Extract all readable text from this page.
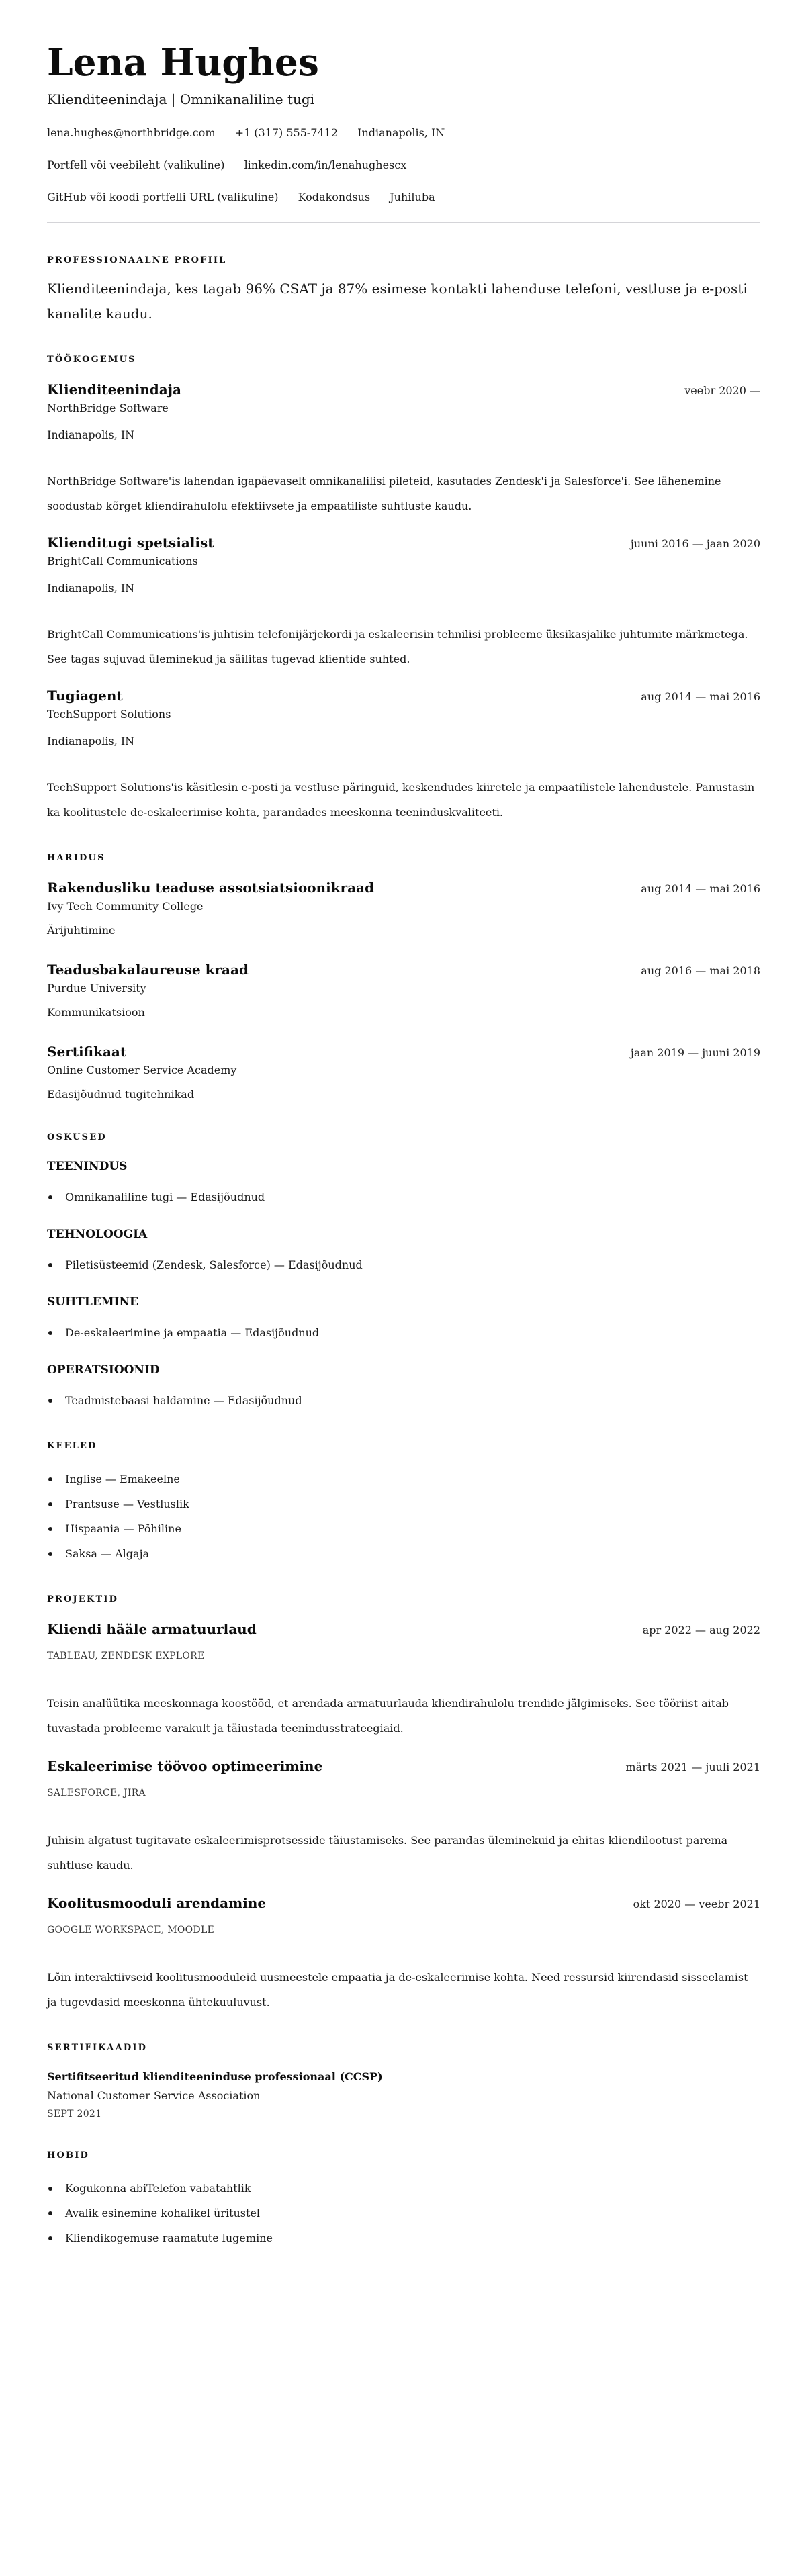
Lena Hughes
Klienditeenindaja | Omnikanaliline tugi
lena.hughes@northbridge.com +1 (317) 555-7412 Indianapolis, IN
Portfell või veebileht (valikuline) linkedin.com/in/lenahughescx
GitHub või koodi portfelli URL (valikuline) Kodakondsus Juhiluba
PROFESSIONAALNE PROFIIL

Klienditeenindaja, kes tagab 96% CSAT ja 87% esimese kontakti lahenduse telefoni, vestluse ja e-posti kanalite kaudu.

TÖÖKOGEMUS
Klienditeenindaja	veebr 2020 —
NorthBridge Software
Indianapolis, IN

NorthBridge Software'is lahendan igapäevaselt omnikanalilisi pileteid, kasutades Zendesk'i ja Salesforce'i. See lähenemine soodustab kõrget kliendirahulolu efektiivsete ja empaatiliste suhtluste kaudu.

Klienditugi spetsialist	juuni 2016 — jaan 2020
BrightCall Communications
Indianapolis, IN

BrightCall Communications'is juhtisin telefonijärjekordi ja eskaleerisin tehnilisi probleeme üksikasjalike juhtumite märkmetega. See tagas sujuvad üleminekud ja säilitas tugevad klientide suhted.

Tugiagent	aug 2014 — mai 2016
TechSupport Solutions
Indianapolis, IN

TechSupport Solutions'is käsitlesin e-posti ja vestluse päringuid, keskendudes kiiretele ja empaatilistele lahendustele. Panustasin ka koolitustele de-eskaleerimise kohta, parandades meeskonna teeninduskvaliteeti.

HARIDUS
Rakendusliku teaduse assotsiatsioonikraad	aug 2014 — mai 2016
Ivy Tech Community College
Ärijuhtimine
Teadusbakalaureuse kraad	aug 2016 — mai 2018
Purdue University
Kommunikatsioon
Sertifikaat	jaan 2019 — juuni 2019
Online Customer Service Academy
Edasijõudnud tugitehnikad
OSKUSED
TEENINDUS
Omnikanaliline tugi — Edasijõudnud
TEHNOLOOGIA
Piletisüsteemid (Zendesk, Salesforce) — Edasijõudnud
SUHTLEMINE
De-eskaleerimine ja empaatia — Edasijõudnud
OPERATSIOONID
Teadmistebaasi haldamine — Edasijõudnud
KEELED
Inglise — Emakeelne
Prantsuse — Vestluslik
Hispaania — Põhiline
Saksa — Algaja
PROJEKTID
Kliendi hääle armatuurlaud	apr 2022 — aug 2022
TABLEAU, ZENDESK EXPLORE

Teisin analüütika meeskonnaga koostööd, et arendada armatuurlauda kliendirahulolu trendide jälgimiseks. See tööriist aitab tuvastada probleeme varakult ja täiustada teenindusstrateegiaid.

Eskaleerimise töövoo optimeerimine	märts 2021 — juuli 2021
SALESFORCE, JIRA

Juhisin algatust tugitavate eskaleerimisprotsesside täiustamiseks. See parandas üleminekuid ja ehitas kliendilootust parema suhtluse kaudu.

Koolitusmooduli arendamine	okt 2020 — veebr 2021
GOOGLE WORKSPACE, MOODLE

Lõin interaktiivseid koolitusmooduleid uusmeestele empaatia ja de-eskaleerimise kohta. Need ressursid kiirendasid sisseelamist ja tugevdasid meeskonna ühtekuuluvust.

SERTIFIKAADID
Sertifitseeritud klienditeeninduse professionaal (CCSP)
National Customer Service Association
SEPT 2021
HOBID
Kogukonna abiTelefon vabatahtlik
Avalik esinemine kohalikel üritustel
Kliendikogemuse raamatute lugemine
